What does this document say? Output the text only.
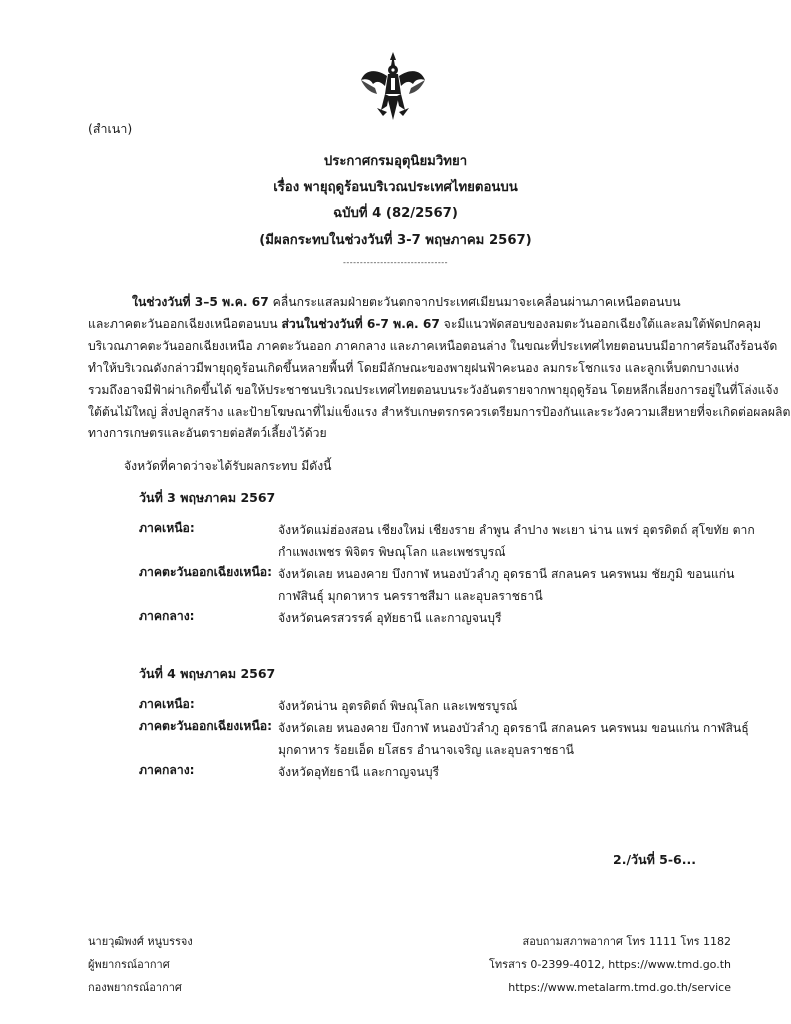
(สำเนา)
ประกาศกรมอุตุนิยมวิทยา
เรื่อง พายุฤดูร้อนบริเวณประเทศไทยตอนบน
ฉบับที่ 4 (82/2567)
(มีผลกระทบในช่วงวันที่ 3-7 พฤษภาคม 2567)
-------------------------------
ในช่วงวันที่ 3–5 พ.ค. 67 คลื่นกระแสลมฝ่ายตะวันตกจากประเทศเมียนมาจะเคลื่อนผ่านภาคเหนือตอนบน
และภาคตะวันออกเฉียงเหนือตอนบน ส่วนในช่วงวันที่ 6-7 พ.ค. 67 จะมีแนวพัดสอบของลมตะวันออกเฉียงใต้และลมใต้พัดปกคลุม
บริเวณภาคตะวันออกเฉียงเหนือ ภาคตะวันออก ภาคกลาง และภาคเหนือตอนล่าง ในขณะที่ประเทศไทยตอนบนมีอากาศร้อนถึงร้อนจัด
ทำให้บริเวณดังกล่าวมีพายุฤดูร้อนเกิดขึ้นหลายพื้นที่ โดยมีลักษณะของพายุฝนฟ้าคะนอง ลมกระโชกแรง และลูกเห็บตกบางแห่ง
รวมถึงอาจมีฟ้าผ่าเกิดขึ้นได้ ขอให้ประชาชนบริเวณประเทศไทยตอนบนระวังอันตรายจากพายุฤดูร้อน โดยหลีกเลี่ยงการอยู่ในที่โล่งแจ้ง
ใต้ต้นไม้ใหญ่ สิ่งปลูกสร้าง และป้ายโฆษณาที่ไม่แข็งแรง สำหรับเกษตรกรควรเตรียมการป้องกันและระวังความเสียหายที่จะเกิดต่อผลผลิต
ทางการเกษตรและอันตรายต่อสัตว์เลี้ยงไว้ด้วย
จังหวัดที่คาดว่าจะได้รับผลกระทบ มีดังนี้
วันที่ 3 พฤษภาคม 2567
ภาคเหนือ:	จังหวัดแม่ฮ่องสอน เชียงใหม่ เชียงราย ลำพูน ลำปาง พะเยา น่าน แพร่ อุตรดิตถ์ สุโขทัย ตาก
กำแพงเพชร พิจิตร พิษณุโลก และเพชรบูรณ์
ภาคตะวันออกเฉียงเหนือ: จังหวัดเลย หนองคาย บึงกาฬ หนองบัวลำภู อุดรธานี สกลนคร นครพนม ชัยภูมิ ขอนแก่น
กาฬสินธุ์ มุกดาหาร นครราชสีมา และอุบลราชธานี
ภาคกลาง:	จังหวัดนครสวรรค์ อุทัยธานี และกาญจนบุรี
วันที่ 4 พฤษภาคม 2567
ภาคเหนือ:	จังหวัดน่าน อุตรดิตถ์ พิษณุโลก และเพชรบูรณ์
ภาคตะวันออกเฉียงเหนือ: จังหวัดเลย หนองคาย บึงกาฬ หนองบัวลำภู อุดรธานี สกลนคร นครพนม ขอนแก่น กาฬสินธุ์
มุกดาหาร ร้อยเอ็ด ยโสธร อำนาจเจริญ และอุบลราชธานี
ภาคกลาง:	จังหวัดอุทัยธานี และกาญจนบุรี
2./วันที่ 5-6...
นายวุฒิพงศ์ หนูบรรจง
ผู้พยากรณ์อากาศ
กองพยากรณ์อากาศ
สอบถามสภาพอากาศ โทร 1111 โทร 1182
โทรสาร 0-2399-4012, https://www.tmd.go.th
https://www.metalarm.tmd.go.th/service
